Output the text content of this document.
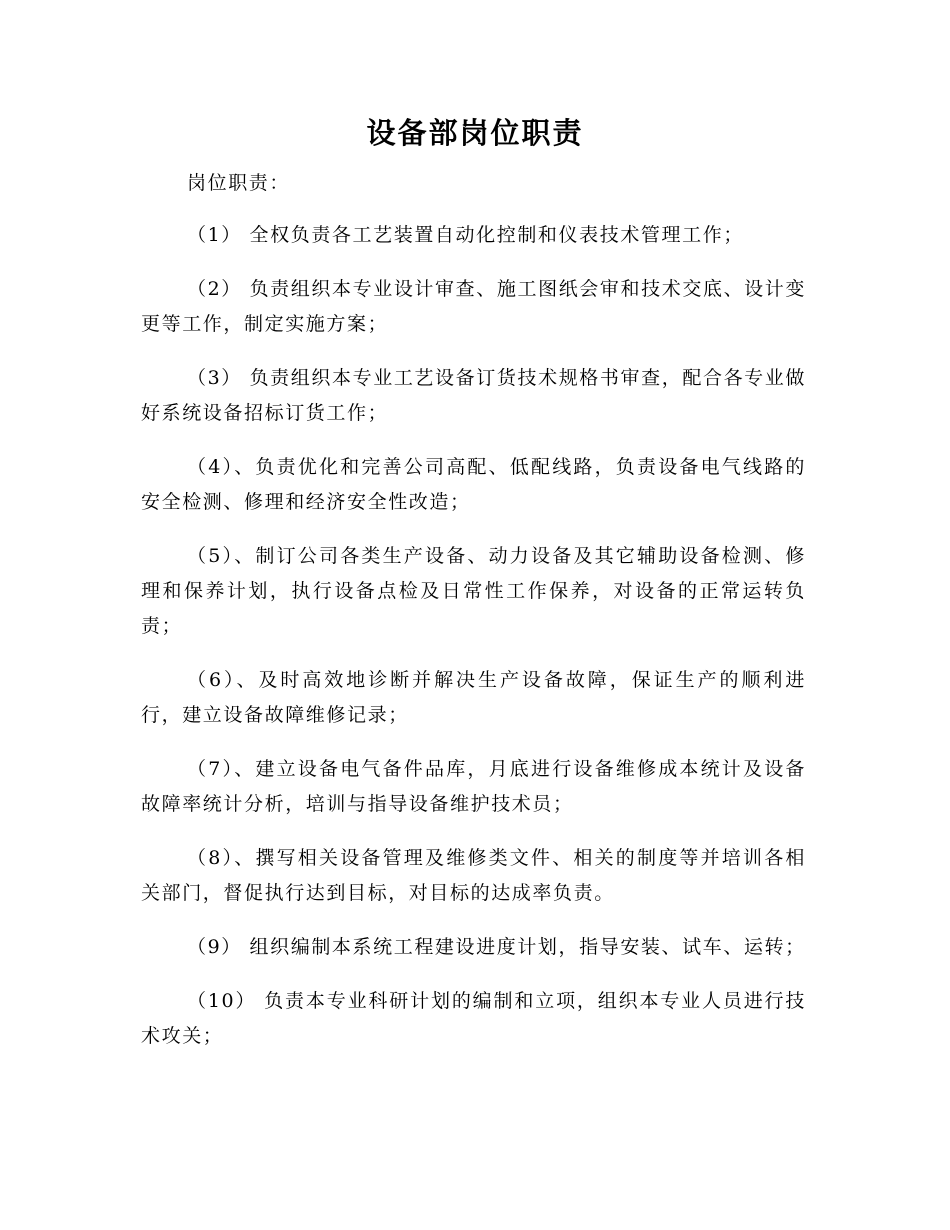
设备部岗位职责

岗位职责：

（1） 全权负责各工艺装置自动化控制和仪表技术管理工作；

（2） 负责组织本专业设计审查、施工图纸会审和技术交底、设计变更等工作，制定实施方案；

（3） 负责组织本专业工艺设备订货技术规格书审查，配合各专业做好系统设备招标订货工作；

（4）、负责优化和完善公司高配、低配线路，负责设备电气线路的安全检测、修理和经济安全性改造；

（5）、制订公司各类生产设备、动力设备及其它辅助设备检测、修理和保养计划，执行设备点检及日常性工作保养，对设备的正常运转负责；

（6）、及时高效地诊断并解决生产设备故障，保证生产的顺利进行，建立设备故障维修记录；

（7）、建立设备电气备件品库，月底进行设备维修成本统计及设备故障率统计分析，培训与指导设备维护技术员；

（8）、撰写相关设备管理及维修类文件、相关的制度等并培训各相关部门，督促执行达到目标，对目标的达成率负责。

（9） 组织编制本系统工程建设进度计划，指导安装、试车、运转；

（10） 负责本专业科研计划的编制和立项，组织本专业人员进行技术攻关；
